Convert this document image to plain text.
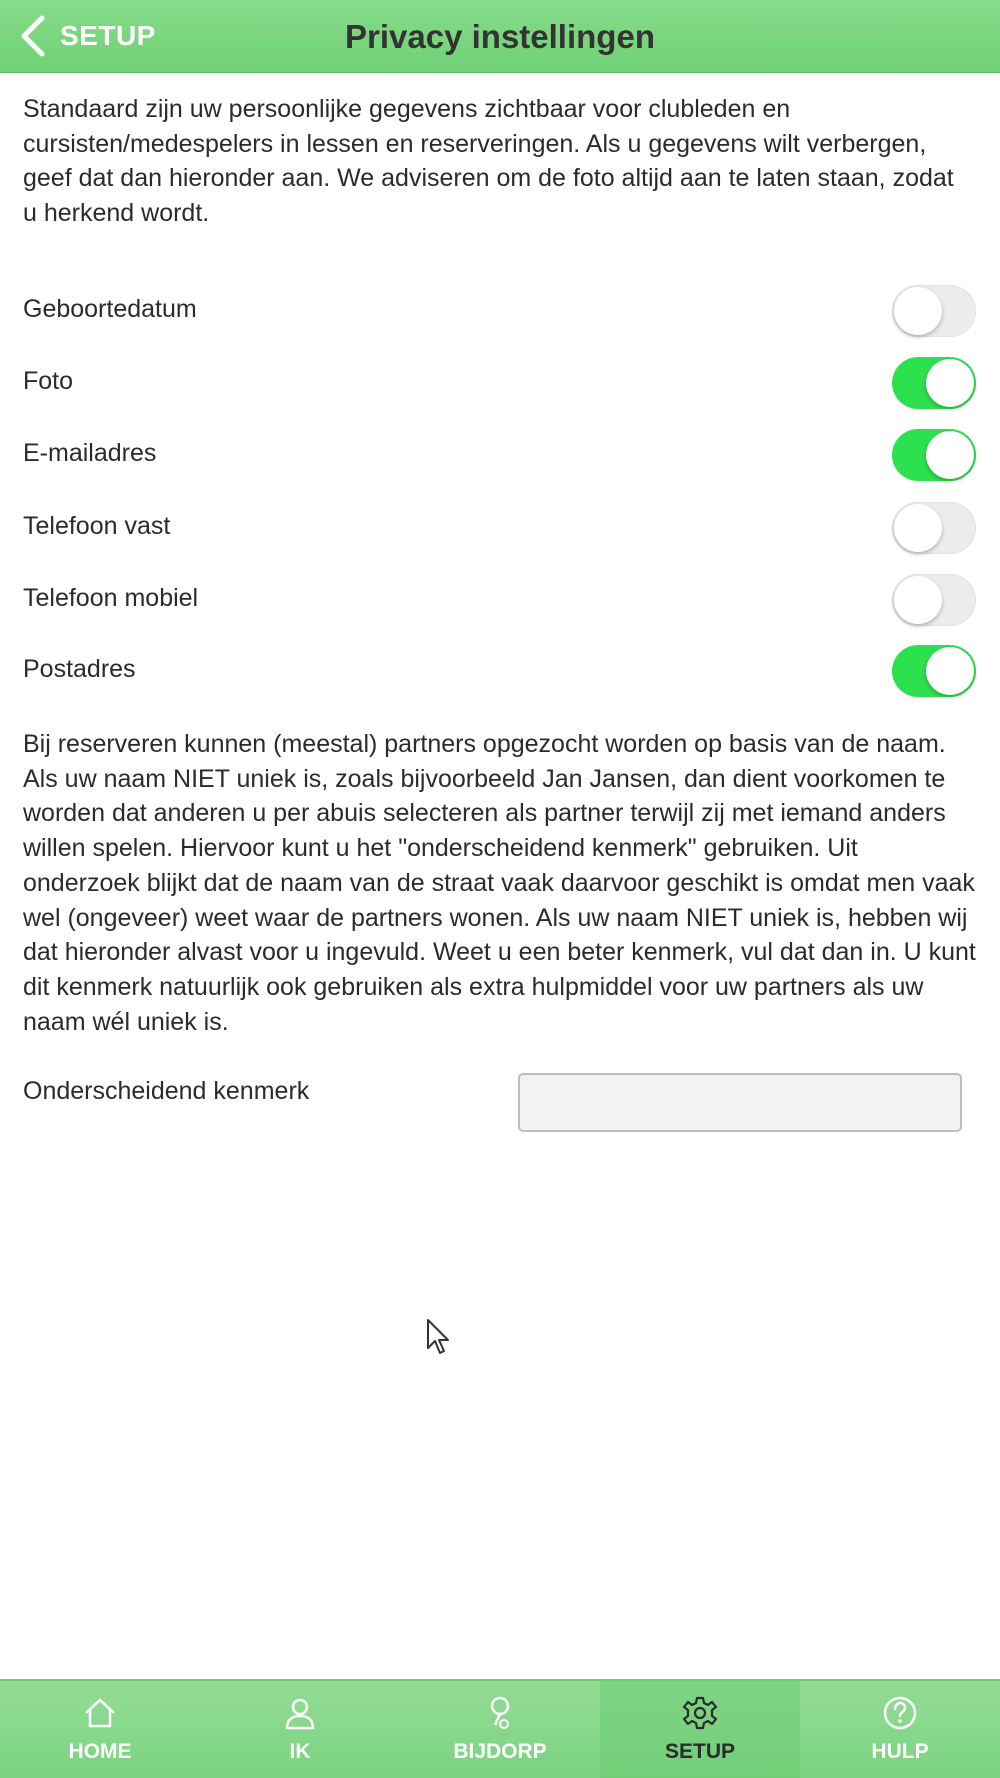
SETUP	Privacy instellingen

Standaard zijn uw persoonlijke gegevens zichtbaar voor clubleden en cursisten/medespelers in lessen en reserveringen. Als u gegevens wilt verbergen, geef dat dan hieronder aan. We adviseren om de foto altijd aan te laten staan, zodat u herkend wordt.

Geboortedatum
Foto
E-mailadres
Telefoon vast
Telefoon mobiel
Postadres

Bij reserveren kunnen (meestal) partners opgezocht worden op basis van de naam. Als uw naam NIET uniek is, zoals bijvoorbeeld Jan Jansen, dan dient voorkomen te worden dat anderen u per abuis selecteren als partner terwijl zij met iemand anders willen spelen. Hiervoor kunt u het "onderscheidend kenmerk" gebruiken. Uit onderzoek blijkt dat de naam van de straat vaak daarvoor geschikt is omdat men vaak wel (ongeveer) weet waar de partners wonen. Als uw naam NIET uniek is, hebben wij dat hieronder alvast voor u ingevuld. Weet u een beter kenmerk, vul dat dan in. U kunt dit kenmerk natuurlijk ook gebruiken als extra hulpmiddel voor uw partners als uw naam wél uniek is.

Onderscheidend kenmerk
HOME	IK	BIJDORP	SETUP	HULP
